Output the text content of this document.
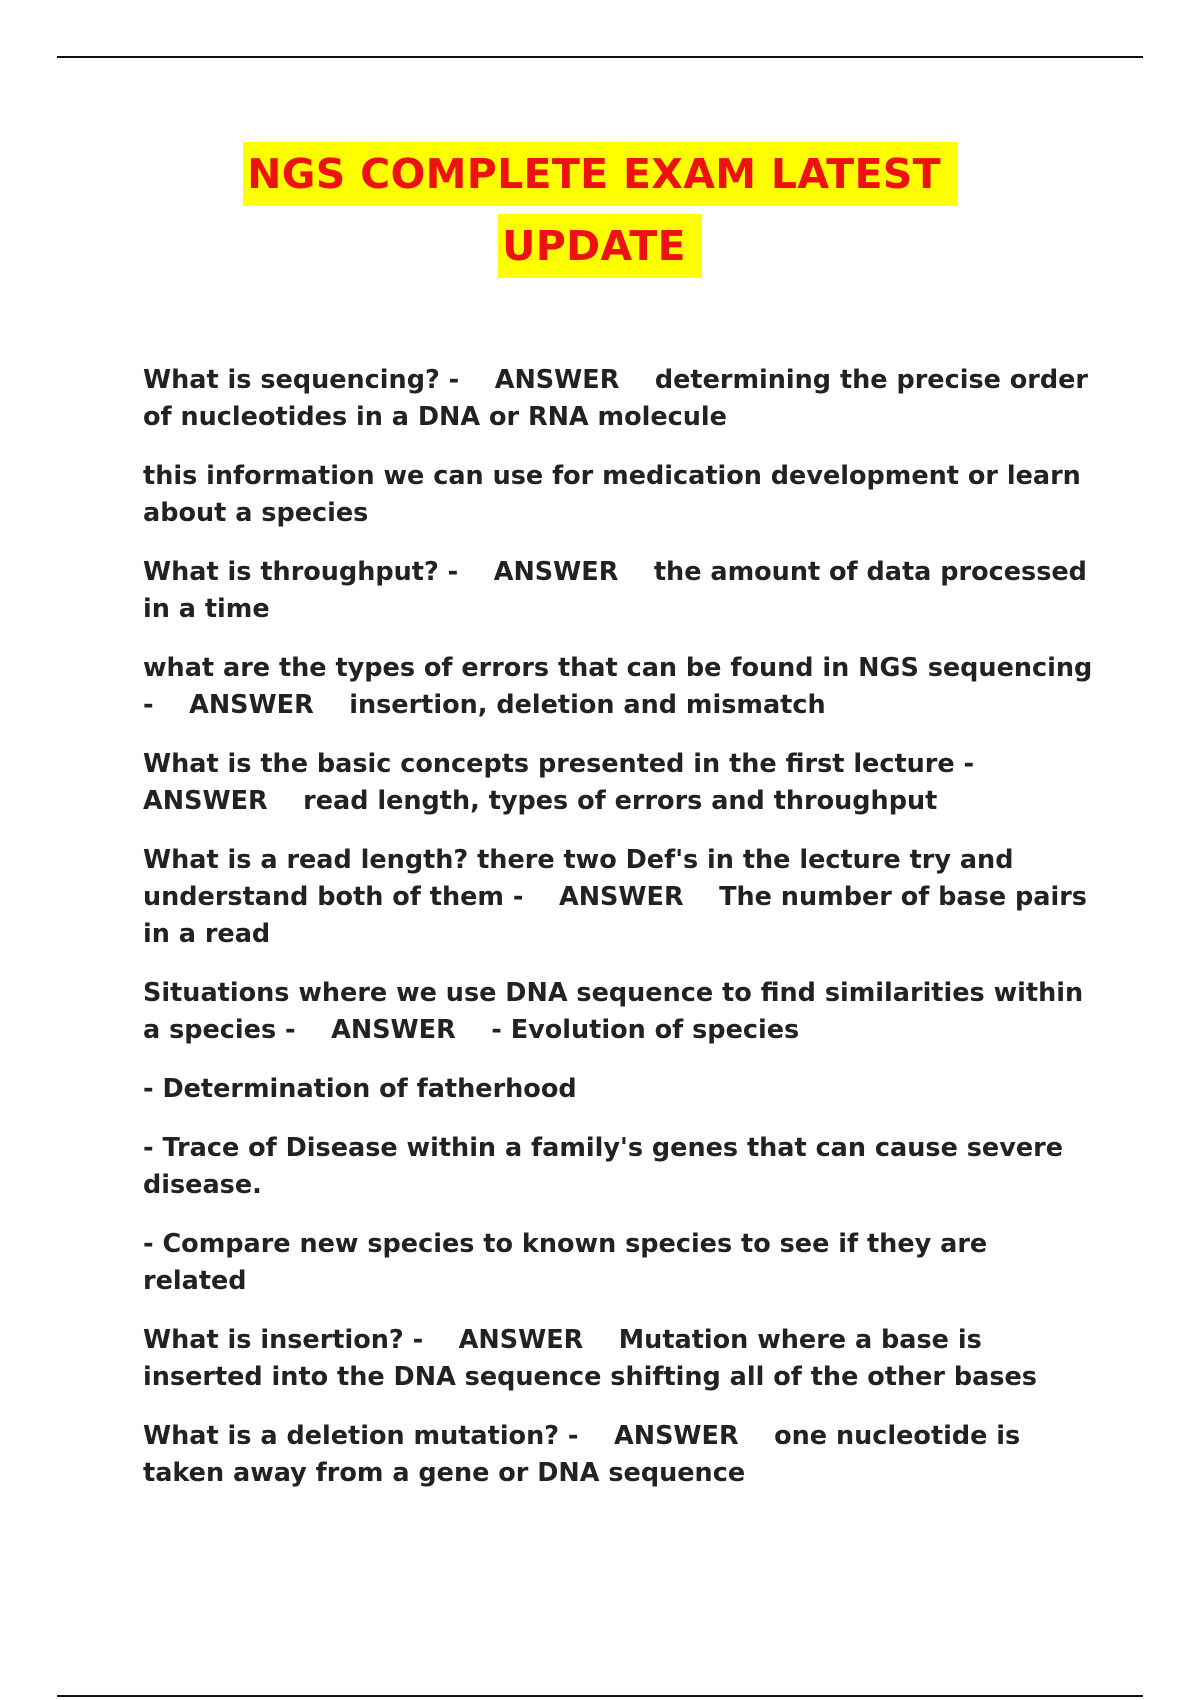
NGS COMPLETE EXAM LATEST
UPDATE

What is sequencing? -    ANSWER    determining the precise order of nucleotides in a DNA or RNA molecule

this information we can use for medication development or learn about a species

What is throughput? -    ANSWER    the amount of data processed in a time

what are the types of errors that can be found in NGS sequencing -    ANSWER    insertion, deletion and mismatch

What is the basic concepts presented in the first lecture -    ANSWER    read length, types of errors and throughput

What is a read length? there two Def's in the lecture try and understand both of them -    ANSWER    The number of base pairs in a read

Situations where we use DNA sequence to find similarities within a species -    ANSWER    - Evolution of species

- Determination of fatherhood

- Trace of Disease within a family's genes that can cause severe disease.

- Compare new species to known species to see if they are related

What is insertion? -    ANSWER    Mutation where a base is inserted into the DNA sequence shifting all of the other bases

What is a deletion mutation? -    ANSWER    one nucleotide is taken away from a gene or DNA sequence
